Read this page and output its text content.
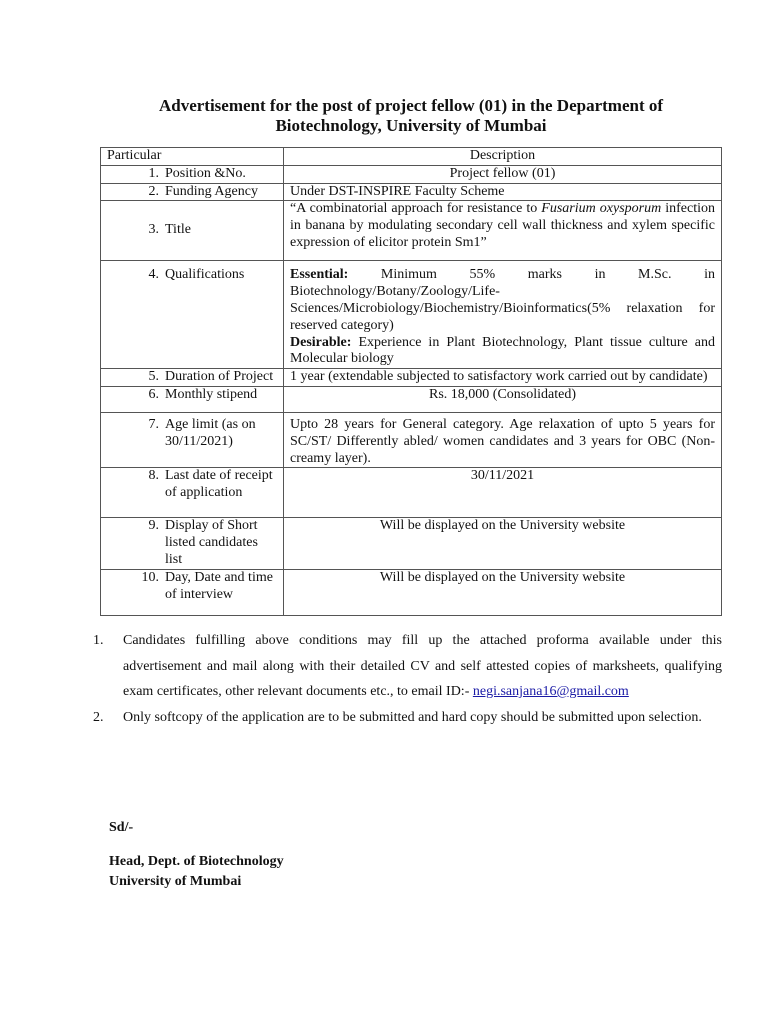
Advertisement for the post of project fellow (01) in the Department of
Biotechnology, University of Mumbai
Particular	Description

1. Position &No.	Project fellow (01)

2. Funding Agency	Under DST-INSPIRE Faculty Scheme

3. Title	“A combinatorial approach for resistance to Fusarium oxysporum infection in banana by modulating secondary cell wall thickness and xylem specific expression of elicitor protein Sm1”

4. Qualifications	Essential: Minimum 55% marks in M.Sc. in Biotechnology/Botany/Zoology/Life-Sciences/Microbiology/Biochemistry/Bioinformatics(5% relaxation for reserved category)
Desirable: Experience in Plant Biotechnology, Plant tissue culture and Molecular biology

5. Duration of Project	1 year (extendable subjected to satisfactory work carried out by candidate)

6. Monthly stipend	Rs. 18,000 (Consolidated)

7. Age limit (as on 30/11/2021)	Upto 28 years for General category. Age relaxation of upto 5 years for SC/ST/ Differently abled/ women candidates and 3 years for OBC (Non-creamy layer).

8. Last date of receipt of application	30/11/2021

9. Display of Short listed candidates list	Will be displayed on the University website

10. Day, Date and time of interview	Will be displayed on the University website
1.	Candidates fulfilling above conditions may fill up the attached proforma available under this advertisement and mail along with their detailed CV and self attested copies of marksheets, qualifying exam certificates, other relevant documents etc., to email ID:- negi.sanjana16@gmail.com
2.	Only softcopy of the application are to be submitted and hard copy should be submitted upon selection.
Sd/-
Head, Dept. of Biotechnology
University of Mumbai
